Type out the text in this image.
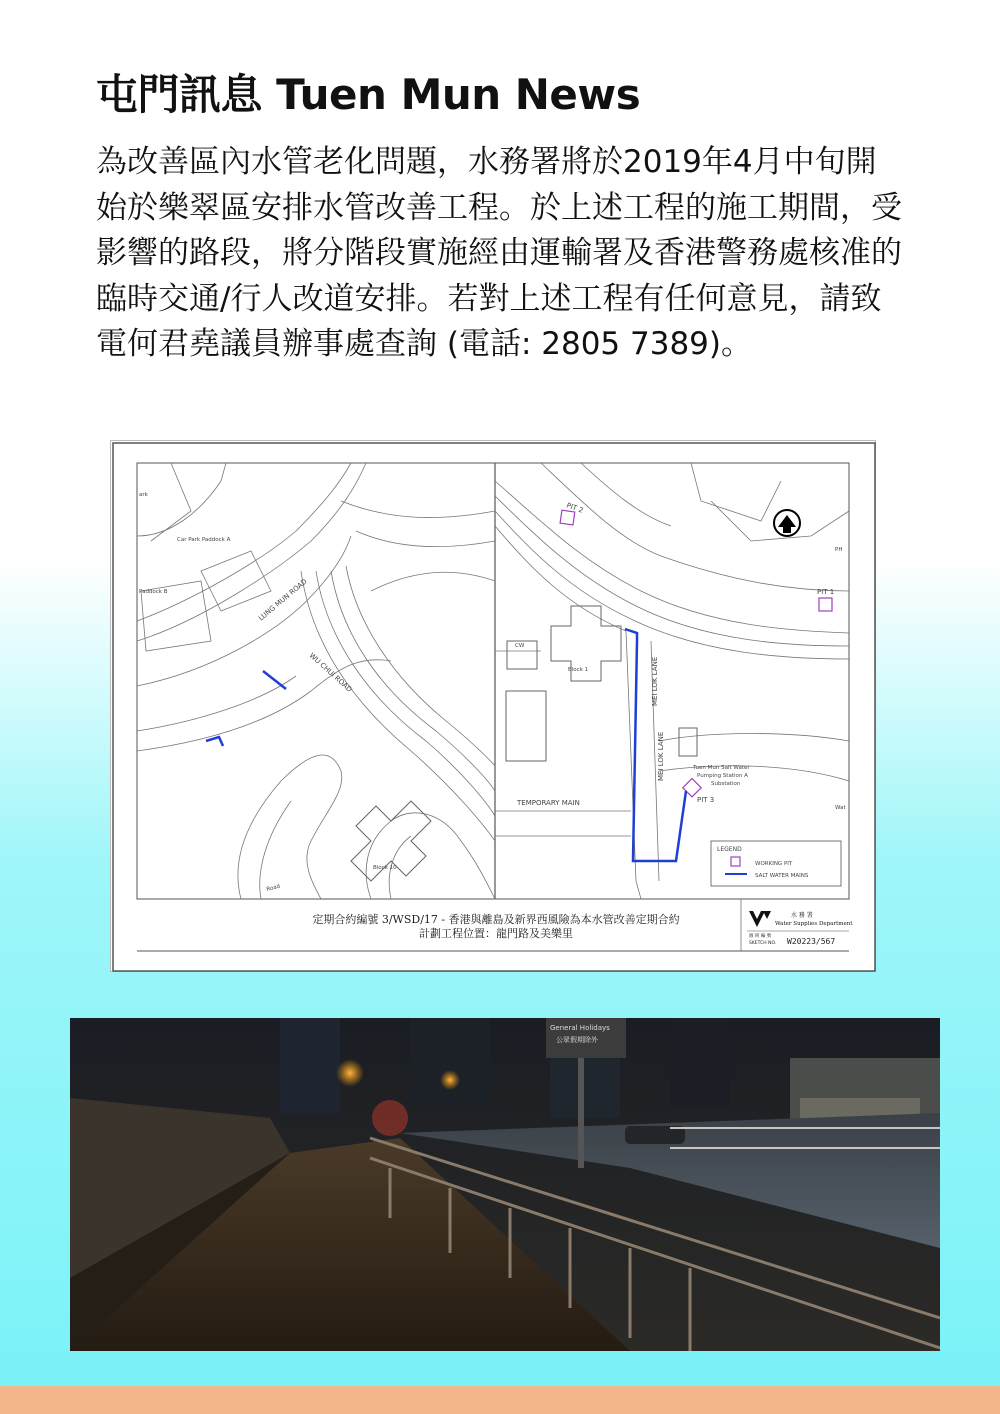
屯門訊息 Tuen Mun News
為改善區內水管老化問題，水務署將於2019年4月中旬開始於樂翠區安排水管改善工程。於上述工程的施工期間，受影響的路段，將分階段實施經由運輸署及香港警務處核准的臨時交通/行人改道安排。若對上述工程有任何意見，請致電何君堯議員辦事處查詢 (電話: 2805 7389)。
LUNG MUN ROAD
WU CHUI ROAD	MEI LOK LANE
MEI LOK LANE
Car Park Paddock A
Paddock B
Block 1
Block 10
CW
PH
Tuen Mun Salt Water
Pumping Station A
Substation
Wat
ark
Road
PIT 1
PIT 2
PIT 3
TEMPORARY MAIN
LEGEND
WORKING PIT
SALT WATER MAINS
水 務 署
Water Supplies Department
圖 則 編 號
SKETCH NO. W20223/567
定期合約編號 3/WSD/17 - 香港與離島及新界西風險為本水管改善定期合約
計劃工程位置：龍門路及美樂里
General Holidays
公眾假期除外
